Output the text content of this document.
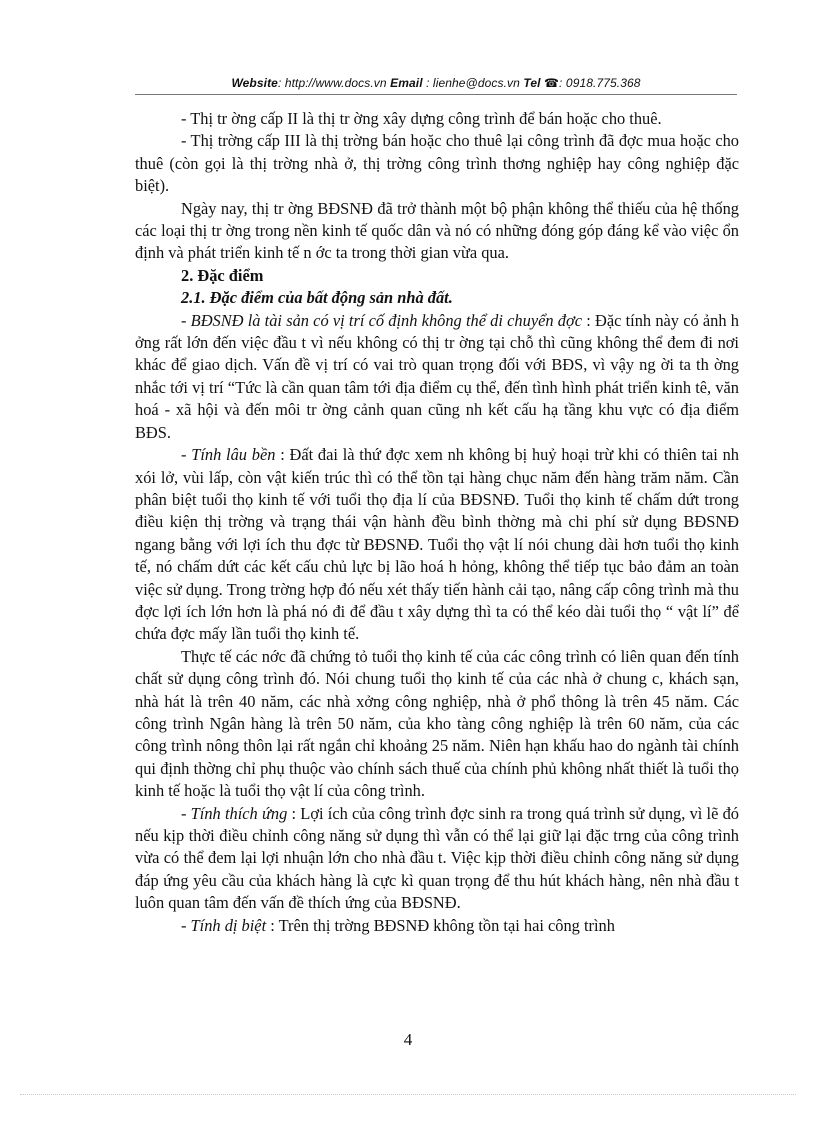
Website: http://www.docs.vn Email : lienhe@docs.vn Tel ☎: 0918.775.368

- Thị tr ờng cấp II là thị tr ờng xây dựng công trình để bán hoặc cho thuê.

- Thị trờng cấp III là thị trờng bán hoặc cho thuê lại công trình đã đợc mua hoặc cho thuê (còn gọi là thị trờng nhà ở, thị trờng công trình thơng nghiệp hay công nghiệp đặc biệt).

Ngày nay, thị tr ờng BĐSNĐ đã trở thành một bộ phận không thể thiếu của hệ thống các loại thị tr ờng trong nền kinh tế quốc dân và nó có những đóng góp đáng kể vào việc ổn định và phát triển kinh tế n ớc ta trong thời gian vừa qua.

2. Đặc điểm

2.1. Đặc điểm của bất động sản nhà đất.

- BĐSNĐ là tài sản có vị trí cố định không thể di chuyển đợc : Đặc tính này có ảnh h ởng rất lớn đến việc đầu t vì nếu không có thị tr ờng tại chỗ thì cũng không thể đem đi nơi khác để giao dịch. Vấn đề vị trí có vai trò quan trọng đối với BĐS, vì vậy ng ời ta th ờng nhắc tới vị trí “Tức là cần quan tâm tới địa điểm cụ thể, đến tình hình phát triển kinh tê, văn hoá - xã hội và đến môi tr ờng cảnh quan cũng nh kết cấu hạ tầng khu vực có địa điểm BĐS.

- Tính lâu bền : Đất đai là thứ đợc xem nh không bị huỷ hoại trừ khi có thiên tai nh xói lở, vùi lấp, còn vật kiến trúc thì có thể tồn tại hàng chục năm đến hàng trăm năm. Cần phân biệt tuổi thọ kinh tế với tuổi thọ địa lí của BĐSNĐ. Tuổi thọ kinh tế chấm dứt trong điều kiện thị trờng và trạng thái vận hành đều bình thờng mà chi phí sử dụng BĐSNĐ ngang bằng với lợi ích thu đợc từ BĐSNĐ. Tuổi thọ vật lí nói chung dài hơn tuổi thọ kinh tế, nó chấm dứt các kết cấu chủ lực bị lão hoá h hỏng, không thể tiếp tục bảo đảm an toàn việc sử dụng. Trong trờng hợp đó nếu xét thấy tiến hành cải tạo, nâng cấp công trình mà thu đợc lợi ích lớn hơn là phá nó đi để đầu t xây dựng thì ta có thể kéo dài tuổi thọ “ vật lí” để chứa đợc mấy lần tuổi thọ kinh tế.

Thực tế các nớc đã chứng tỏ tuổi thọ kinh tế của các công trình có liên quan đến tính chất sử dụng công trình đó. Nói chung tuổi thọ kinh tế của các nhà ở chung c, khách sạn, nhà hát là trên 40 năm, các nhà xởng công nghiệp, nhà ở phổ thông là trên 45 năm. Các công trình Ngân hàng là trên 50 năm, của kho tàng công nghiệp là trên 60 năm, của các công trình nông thôn lại rất ngắn chỉ khoảng 25 năm. Niên hạn khấu hao do ngành tài chính qui định thờng chỉ phụ thuộc vào chính sách thuế của chính phủ không nhất thiết là tuổi thọ kinh tế hoặc là tuổi thọ vật lí của công trình.

- Tính thích ứng : Lợi ích của công trình đợc sinh ra trong quá trình sử dụng, vì lẽ đó nếu kịp thời điều chỉnh công năng sử dụng thì vẫn có thể lại giữ lại đặc trng của công trình vừa có thể đem lại lợi nhuận lớn cho nhà đầu t. Việc kịp thời điều chỉnh công năng sử dụng đáp ứng yêu cầu của khách hàng là cực kì quan trọng để thu hút khách hàng, nên nhà đầu t luôn quan tâm đến vấn đề thích ứng của BĐSNĐ.

- Tính dị biệt : Trên thị trờng BĐSNĐ không tồn tại hai công trình

4
